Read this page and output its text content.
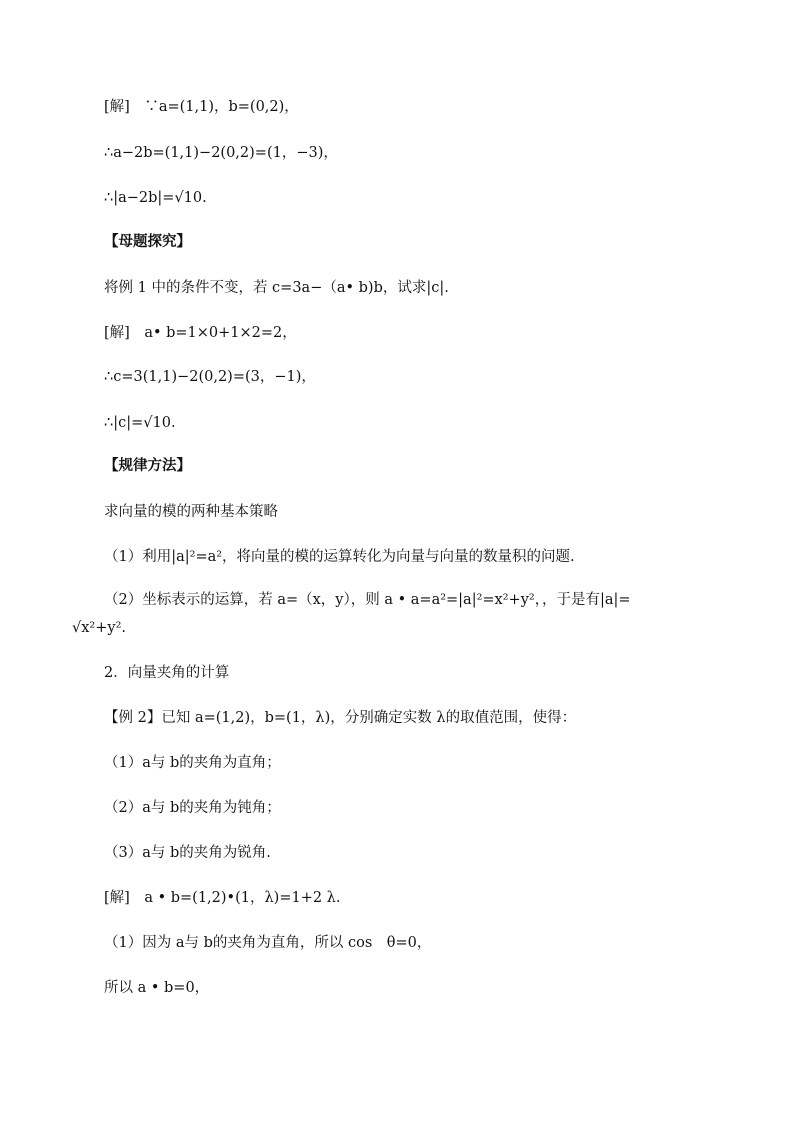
[解]　∵a=(1,1)，b=(0,2)，
∴a−2b=(1,1)−2(0,2)=(1，−3)，
∴|a−2b|=√10.
【母题探究】
将例 1 中的条件不变，若 c=3a−（a• b)b，试求|c|.
[解]　a• b=1×0+1×2=2，
∴c=3(1,1)−2(0,2)=(3，−1)，
∴|c|=√10.
【规律方法】
求向量的模的两种基本策略
（1）利用|a|²=a²，将向量的模的运算转化为向量与向量的数量积的问题.
（2）坐标表示的运算，若 a=（x，y），则 a • a=a²=|a|²=x²+y²，，于是有|a|=
√x²+y².
2．向量夹角的计算
【例 2】已知 a=(1,2)，b=(1，λ)，分别确定实数 λ的取值范围，使得：
（1）a与 b的夹角为直角；
（2）a与 b的夹角为钝角；
（3）a与 b的夹角为锐角.
[解]　a • b=(1,2)•(1，λ)=1+2 λ.
（1）因为 a与 b的夹角为直角，所以 cos　θ=0，
所以 a • b=0，
